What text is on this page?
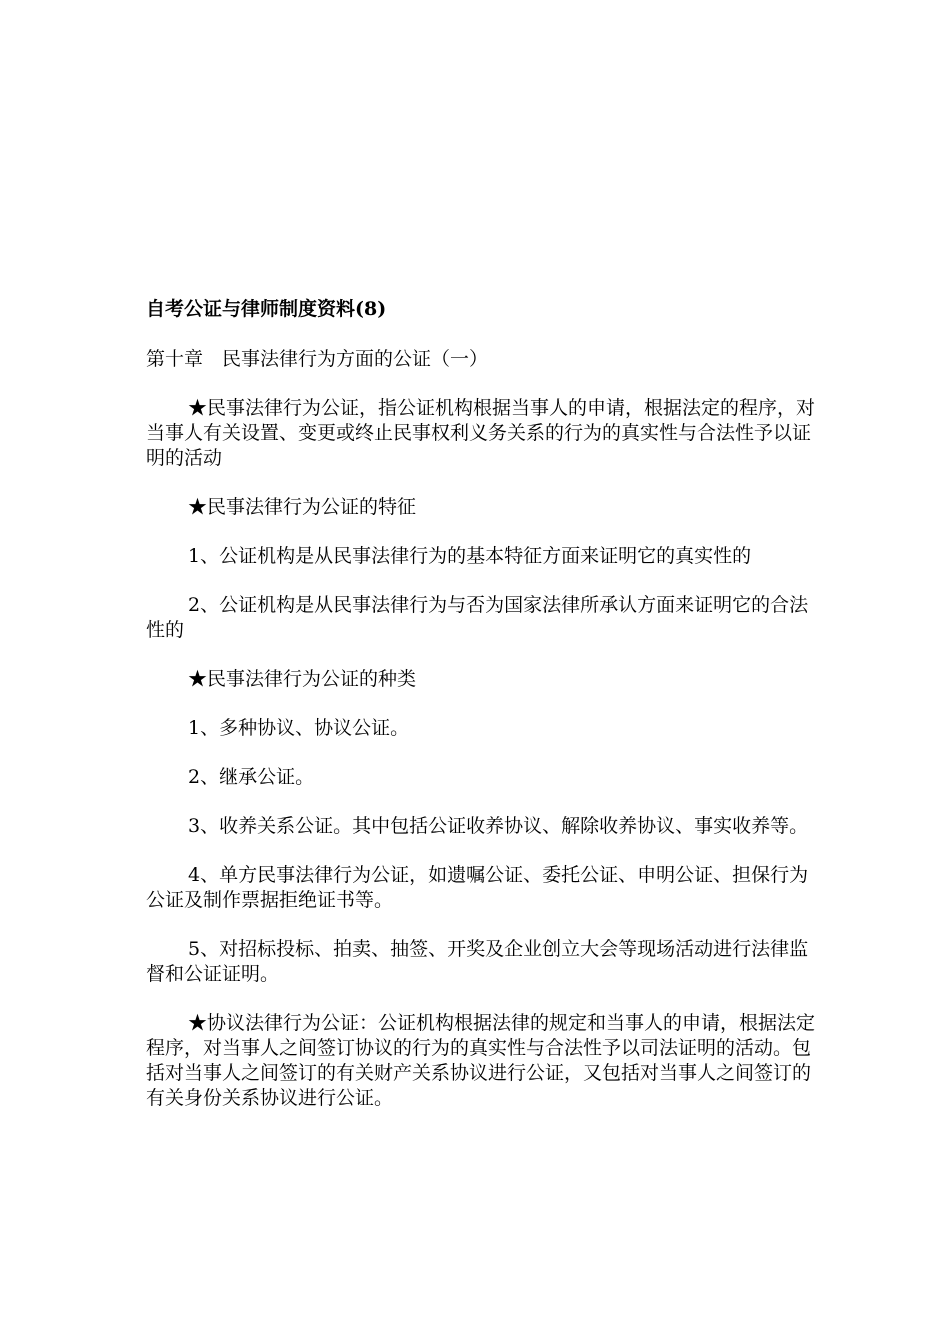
自考公证与律师制度资料(8)

第十章　民事法律行为方面的公证（一）

★民事法律行为公证，指公证机构根据当事人的申请，根据法定的程序，对当事人有关设置、变更或终止民事权利义务关系的行为的真实性与合法性予以证明的活动

★民事法律行为公证的特征

1、公证机构是从民事法律行为的基本特征方面来证明它的真实性的

2、公证机构是从民事法律行为与否为国家法律所承认方面来证明它的合法性的

★民事法律行为公证的种类

1、多种协议、协议公证。

2、继承公证。

3、收养关系公证。其中包括公证收养协议、解除收养协议、事实收养等。

4、单方民事法律行为公证，如遗嘱公证、委托公证、申明公证、担保行为公证及制作票据拒绝证书等。

5、对招标投标、拍卖、抽签、开奖及企业创立大会等现场活动进行法律监督和公证证明。

★协议法律行为公证：公证机构根据法律的规定和当事人的申请，根据法定程序，对当事人之间签订协议的行为的真实性与合法性予以司法证明的活动。包括对当事人之间签订的有关财产关系协议进行公证，又包括对当事人之间签订的有关身份关系协议进行公证。
